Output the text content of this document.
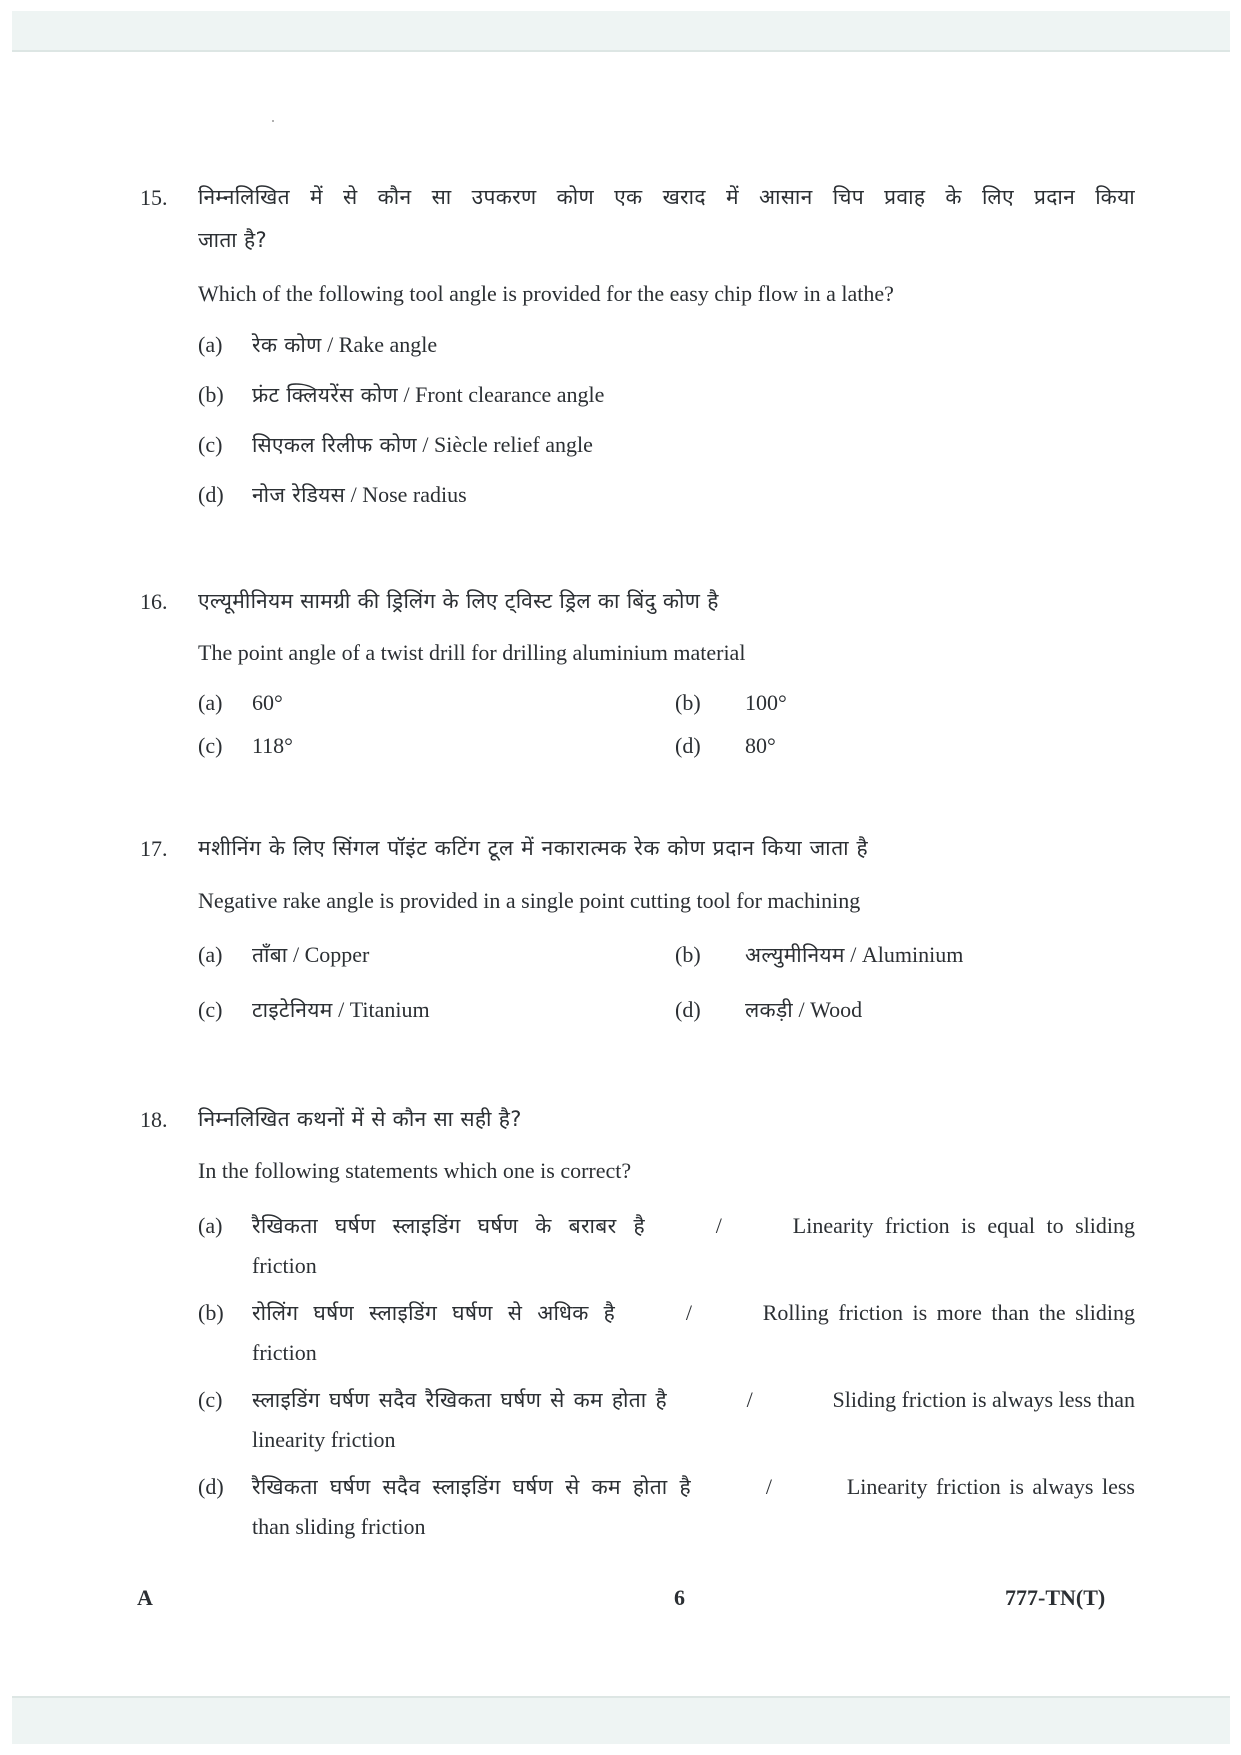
15. निम्नलिखित में से कौन सा उपकरण कोण एक खराद में आसान चिप प्रवाह के लिए प्रदान किया
जाता है?
Which of the following tool angle is provided for the easy chip flow in a lathe?
(a) रेक कोण / Rake angle
(b) फ्रंट क्लियरेंस कोण / Front clearance angle
(c) सिएकल रिलीफ कोण / Siècle relief angle
(d) नोज रेडियस / Nose radius
16. एल्यूमीनियम सामग्री की ड्रिलिंग के लिए ट्विस्ट ड्रिल का बिंदु कोण है
The point angle of a twist drill for drilling aluminium material
(a) 60°	(b) 100°
(c) 118°	(d) 80°
17. मशीनिंग के लिए सिंगल पॉइंट कटिंग टूल में नकारात्मक रेक कोण प्रदान किया जाता है
Negative rake angle is provided in a single point cutting tool for machining
(a) ताँबा / Copper	(b) अल्युमीनियम / Aluminium
(c) टाइटेनियम / Titanium	(d) लकड़ी / Wood
18. निम्नलिखित कथनों में से कौन सा सही है?
In the following statements which one is correct?
(a) रैखिकता घर्षण स्लाइडिंग घर्षण के बराबर है	/	Linearity friction is equal to sliding
friction
(b) रोलिंग घर्षण स्लाइडिंग घर्षण से अधिक है	/	Rolling friction is more than the sliding
friction
(c) स्लाइडिंग घर्षण सदैव रैखिकता घर्षण से कम होता है	/	Sliding friction is always less than
linearity friction
(d) रैखिकता घर्षण सदैव स्लाइडिंग घर्षण से कम होता है	/	Linearity friction is always less
than sliding friction
A	6	777-TN(T)
